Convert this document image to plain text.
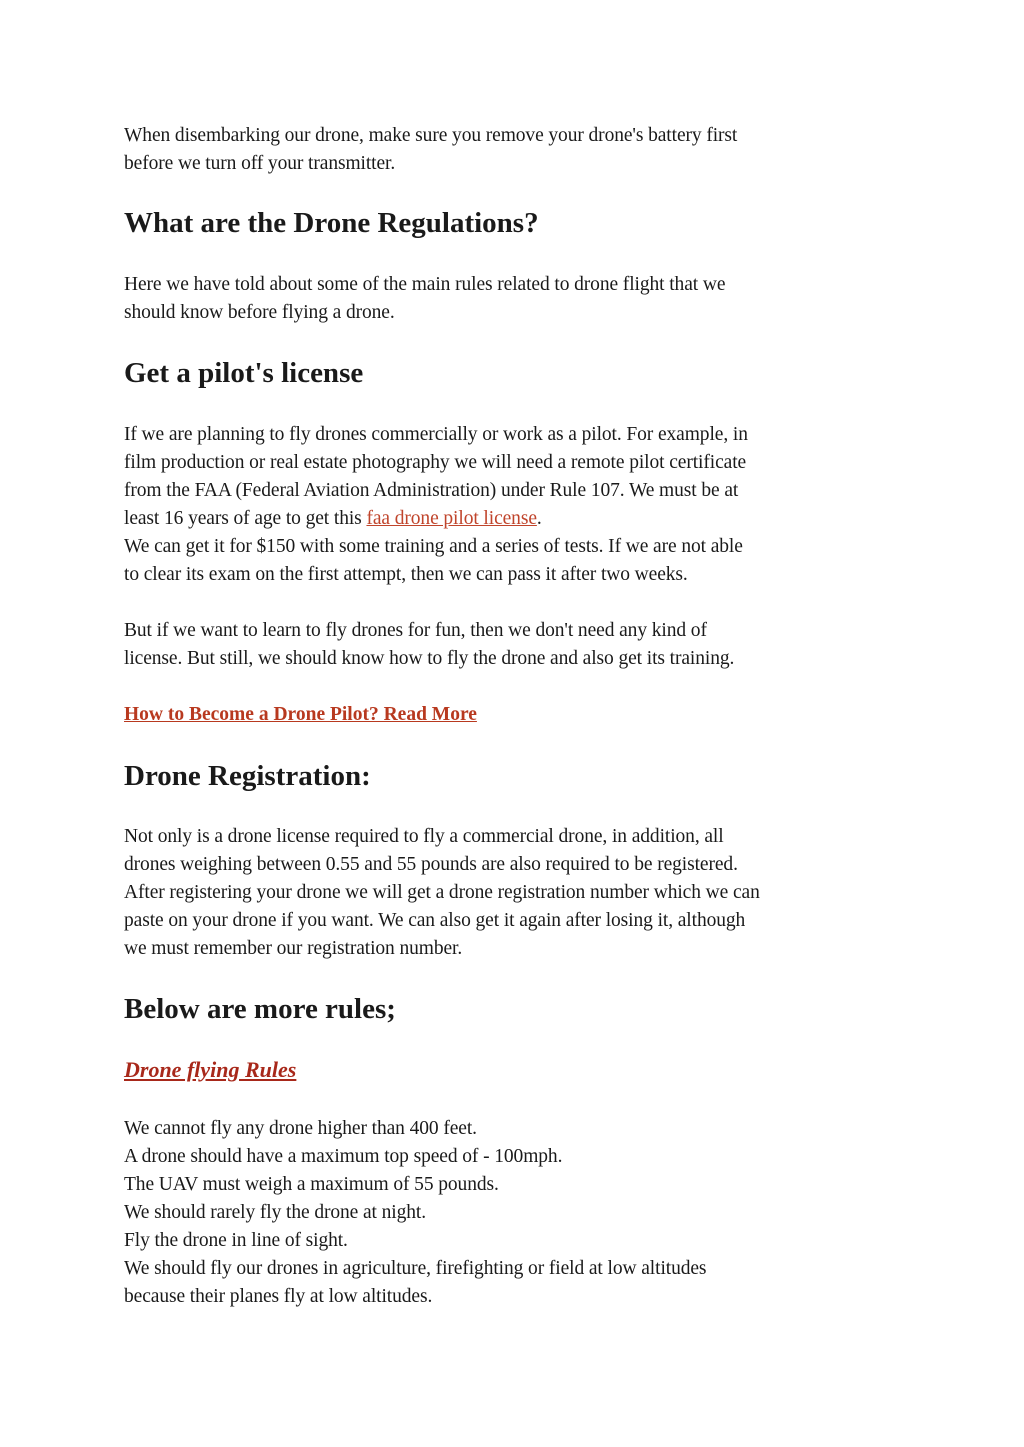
When disembarking our drone, make sure you remove your drone's battery first
before we turn off your transmitter.
What are the Drone Regulations?
Here we have told about some of the main rules related to drone flight that we
should know before flying a drone.
Get a pilot's license
If we are planning to fly drones commercially or work as a pilot. For example, in
film production or real estate photography we will need a remote pilot certificate
from the FAA (Federal Aviation Administration) under Rule 107. We must be at
least 16 years of age to get this faa drone pilot license.
We can get it for $150 with some training and a series of tests. If we are not able
to clear its exam on the first attempt, then we can pass it after two weeks.
But if we want to learn to fly drones for fun, then we don't need any kind of
license. But still, we should know how to fly the drone and also get its training.
How to Become a Drone Pilot? Read More
Drone Registration:
Not only is a drone license required to fly a commercial drone, in addition, all
drones weighing between 0.55 and 55 pounds are also required to be registered.
After registering your drone we will get a drone registration number which we can
paste on your drone if you want. We can also get it again after losing it, although
we must remember our registration number.
Below are more rules;
Drone flying Rules
We cannot fly any drone higher than 400 feet.
A drone should have a maximum top speed of - 100mph.
The UAV must weigh a maximum of 55 pounds.
We should rarely fly the drone at night.
Fly the drone in line of sight.
We should fly our drones in agriculture, firefighting or field at low altitudes
because their planes fly at low altitudes.
